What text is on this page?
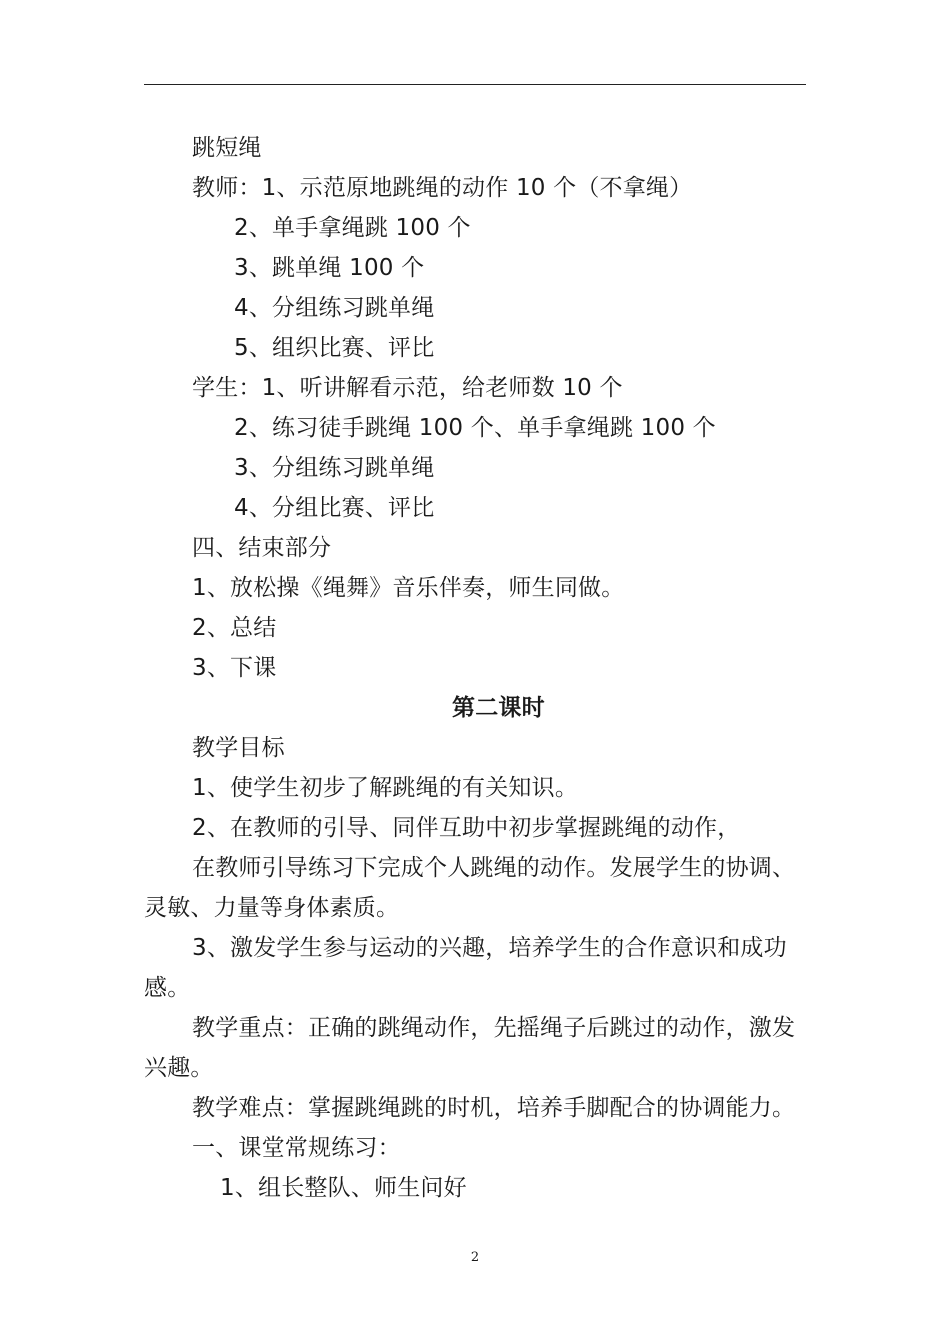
跳短绳
教师：1、示范原地跳绳的动作 10 个（不拿绳）
2、单手拿绳跳 100 个
3、跳单绳 100 个
4、分组练习跳单绳
5、组织比赛、评比
学生：1、听讲解看示范，给老师数 10 个
2、练习徒手跳绳 100 个、单手拿绳跳 100 个
3、分组练习跳单绳
4、分组比赛、评比
四、结束部分
1、放松操《绳舞》音乐伴奏，师生同做。
2、总结
3、下课
第二课时
教学目标
1、使学生初步了解跳绳的有关知识。
2、在教师的引导、同伴互助中初步掌握跳绳的动作，
在教师引导练习下完成个人跳绳的动作。发展学生的协调、
灵敏、力量等身体素质。
3、激发学生参与运动的兴趣，培养学生的合作意识和成功
感。
教学重点：正确的跳绳动作，先摇绳子后跳过的动作，激发
兴趣。
教学难点：掌握跳绳跳的时机，培养手脚配合的协调能力。
一、课堂常规练习：
1、组长整队、师生问好
2
